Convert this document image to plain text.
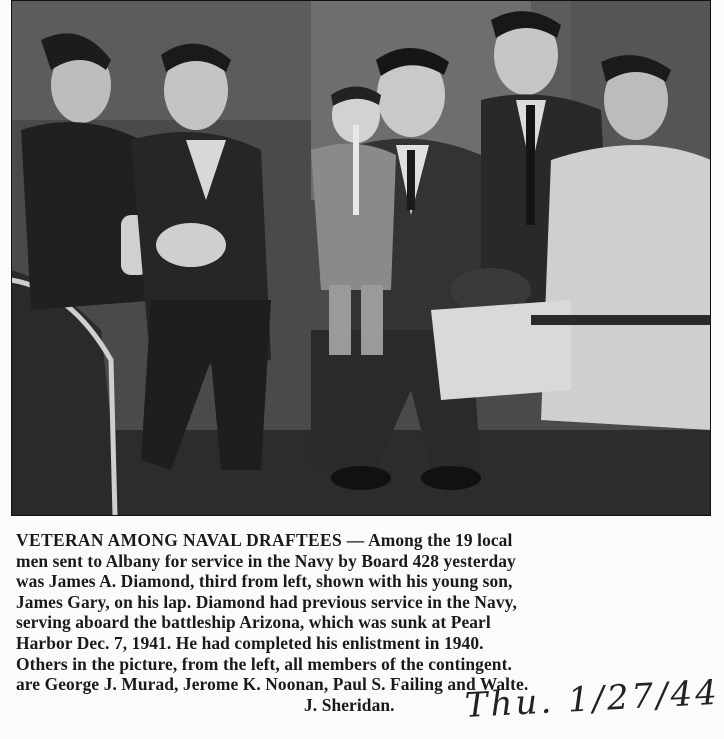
VETERAN AMONG NAVAL DRAFTEES — Among the 19 local
men sent to Albany for service in the Navy by Board 428 yesterday
was James A. Diamond, third from left, shown with his young son,
James Gary, on his lap. Diamond had previous service in the Navy,
serving aboard the battleship Arizona, which was sunk at Pearl
Harbor Dec. 7, 1941. He had completed his enlistment in 1940.
Others in the picture, from the left, all members of the contingent.
are George J. Murad, Jerome K. Noonan, Paul S. Failing and Walte.
J. Sheridan.	Thu. 1/27/44
